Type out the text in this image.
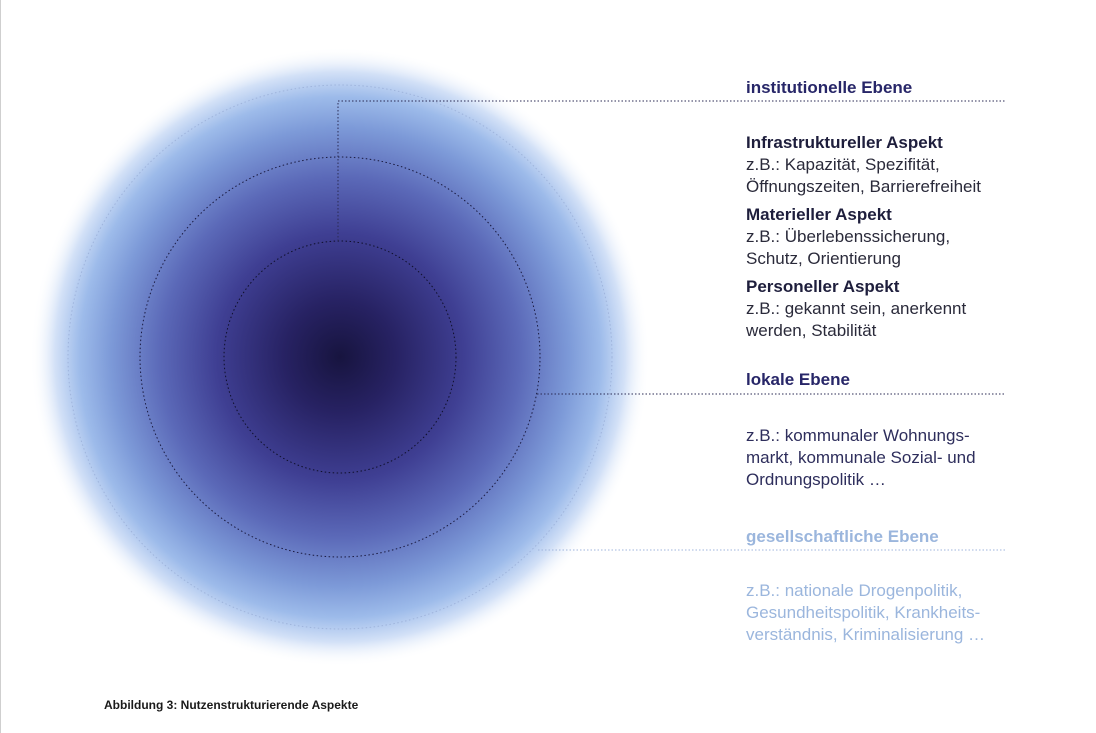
institutionelle Ebene

Infrastruktureller Aspekt

z.B.: Kapazität, Spezifität,
Öffnungszeiten, Barrierefreiheit

Materieller Aspekt

z.B.: Überlebenssicherung,
Schutz, Orientierung

Personeller Aspekt

z.B.: gekannt sein, anerkennt
werden, Stabilität

lokale Ebene

z.B.: kommunaler Wohnungs-
markt, kommunale Sozial- und
Ordnungspolitik …

gesellschaftliche Ebene

z.B.: nationale Drogenpolitik,
Gesundheitspolitik, Krankheits-
verständnis, Kriminalisierung …

Abbildung 3: Nutzenstrukturierende Aspekte
